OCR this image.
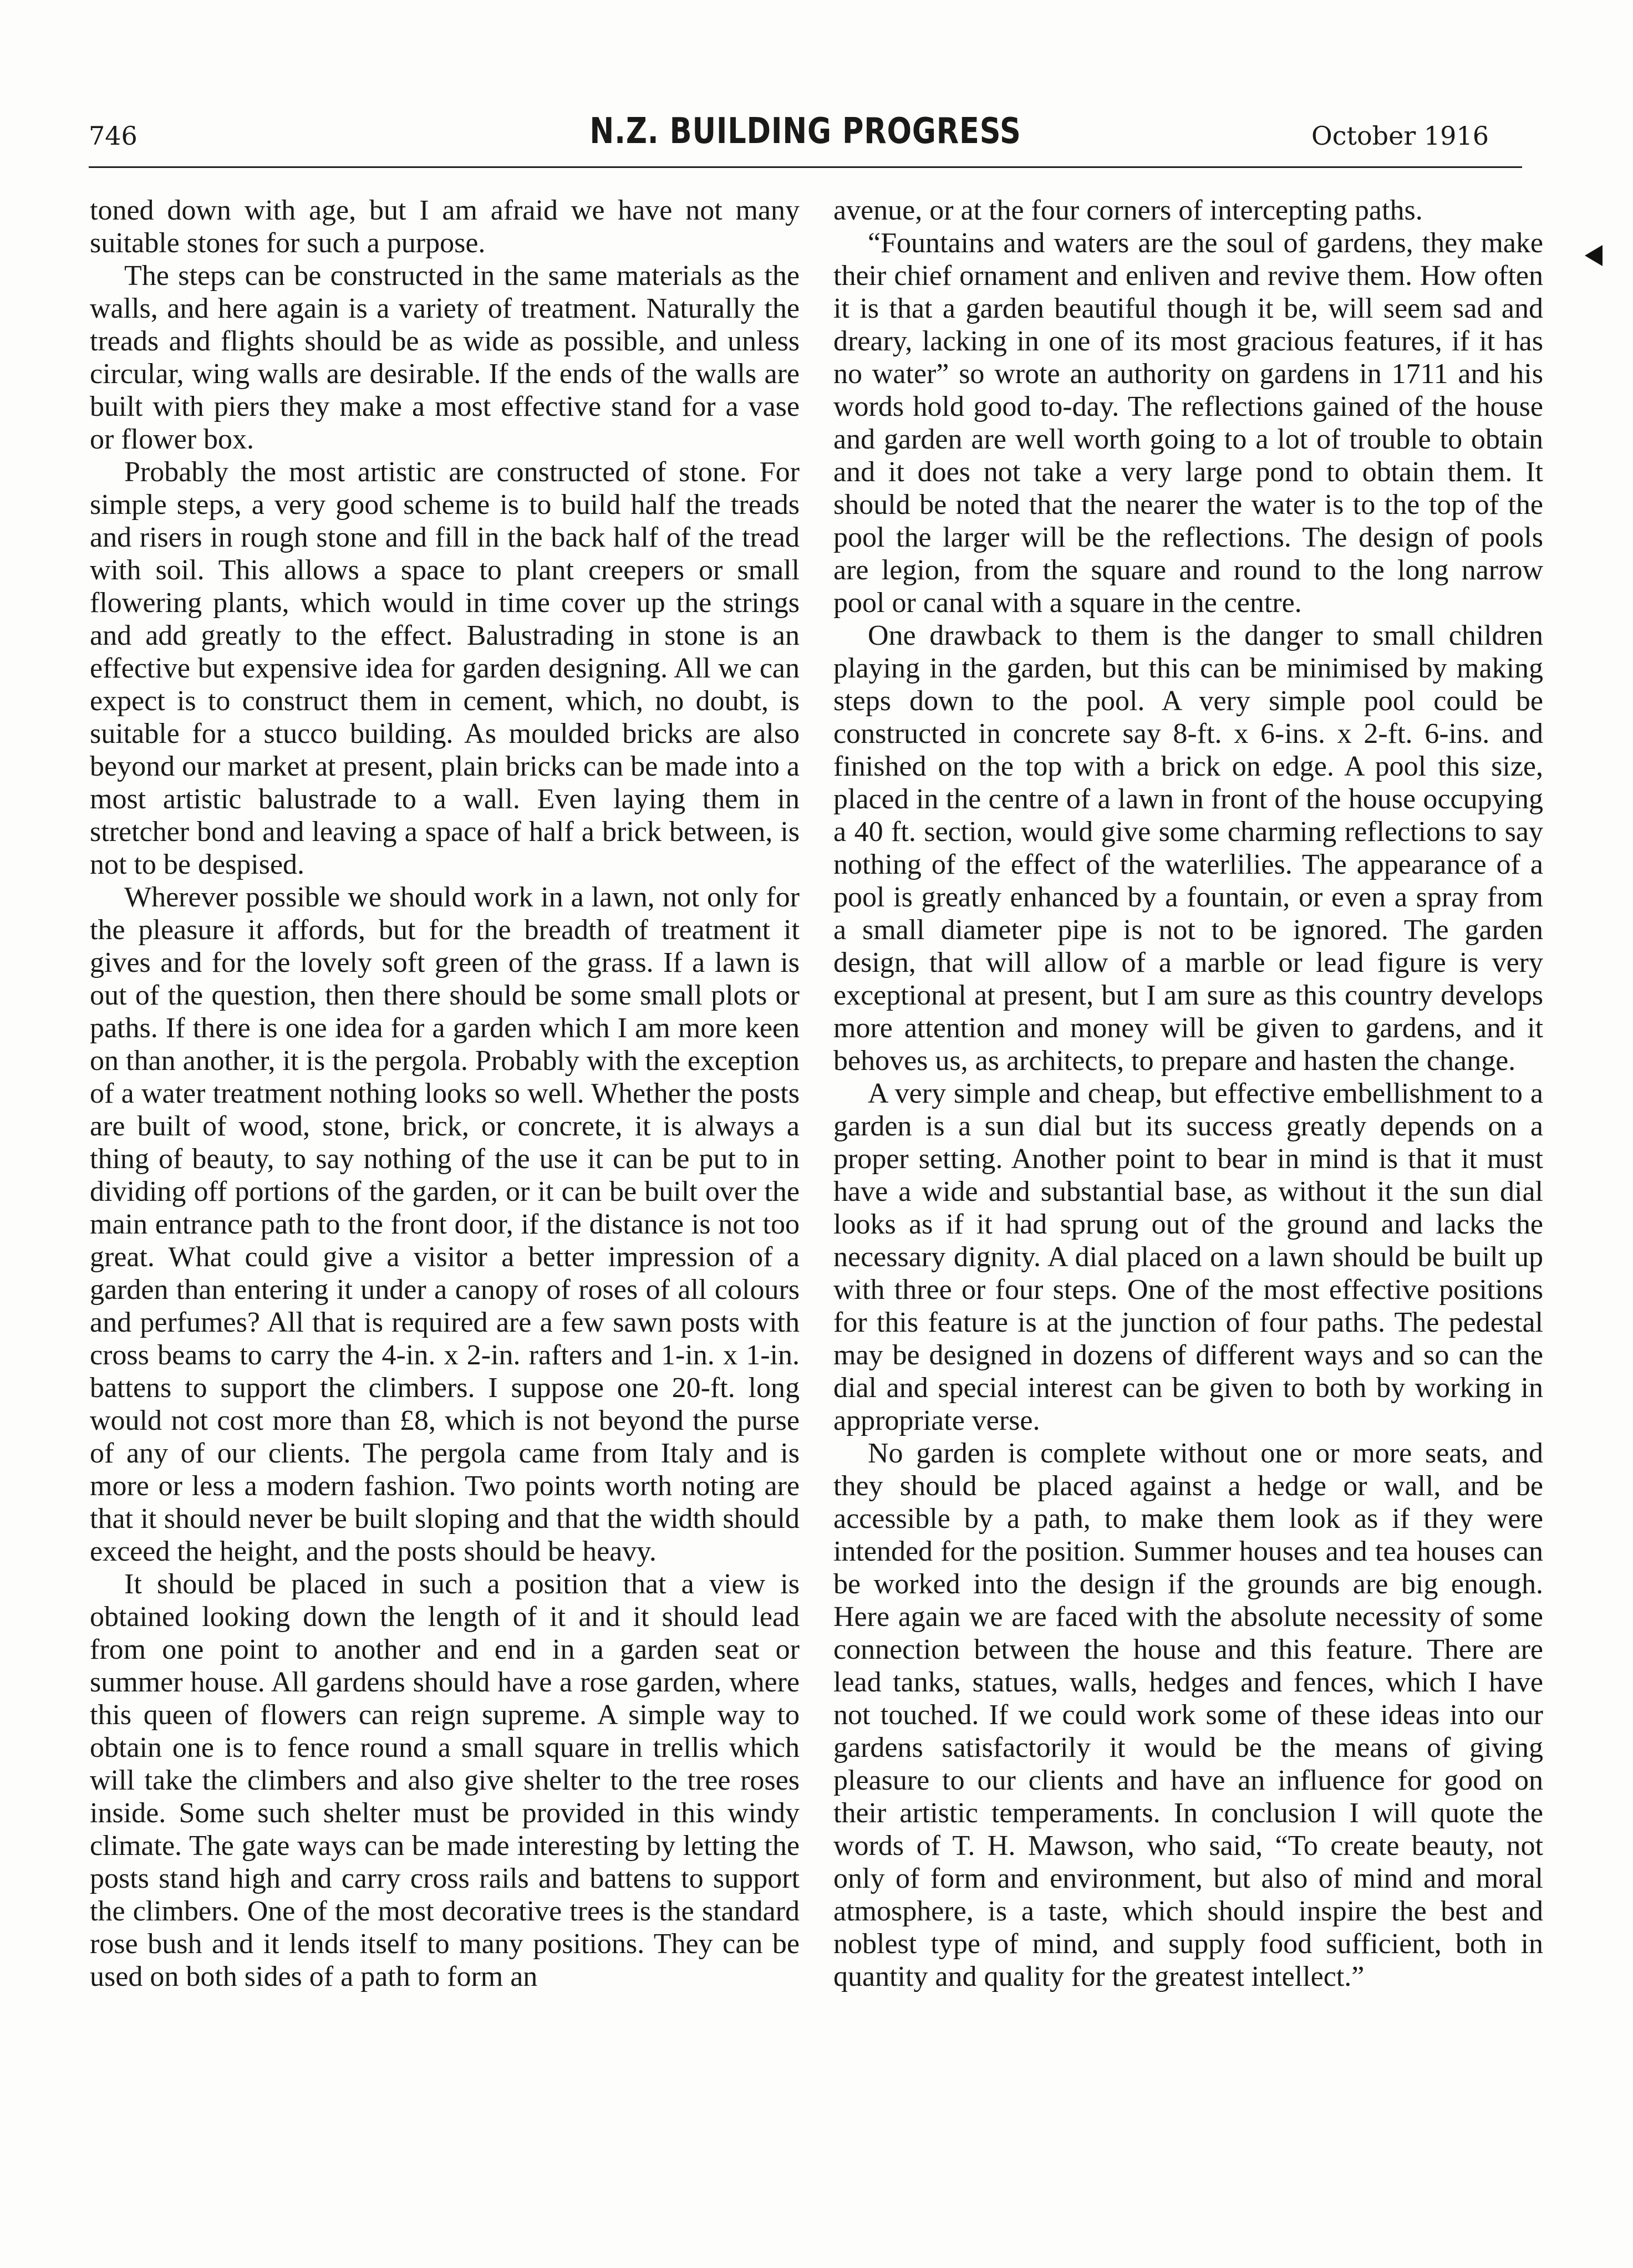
746	N.Z. BUILDING PROGRESS	October 1916

toned down with age, but I am afraid we have not many suitable stones for such a purpose.

The steps can be constructed in the same materials as the walls, and here again is a variety of treatment. Naturally the treads and flights should be as wide as possible, and unless circular, wing walls are desirable. If the ends of the walls are built with piers they make a most effective stand for a vase or flower box.

Probably the most artistic are constructed of stone. For simple steps, a very good scheme is to build half the treads and risers in rough stone and fill in the back half of the tread with soil. This allows a space to plant creepers or small flowering plants, which would in time cover up the strings and add greatly to the effect. Balustrading in stone is an effective but expensive idea for garden designing. All we can expect is to construct them in cement, which, no doubt, is suitable for a stucco building. As moulded bricks are also beyond our market at present, plain bricks can be made into a most artistic balustrade to a wall. Even laying them in stretcher bond and leaving a space of half a brick between, is not to be despised.

Wherever possible we should work in a lawn, not only for the pleasure it affords, but for the breadth of treatment it gives and for the lovely soft green of the grass. If a lawn is out of the question, then there should be some small plots or paths. If there is one idea for a garden which I am more keen on than another, it is the pergola. Probably with the exception of a water treatment nothing looks so well. Whether the posts are built of wood, stone, brick, or concrete, it is always a thing of beauty, to say nothing of the use it can be put to in dividing off portions of the garden, or it can be built over the main entrance path to the front door, if the distance is not too great. What could give a visitor a better impression of a garden than entering it under a canopy of roses of all colours and perfumes? All that is required are a few sawn posts with cross beams to carry the 4-in. x 2-in. rafters and 1-in. x 1-in. battens to support the climbers. I suppose one 20-ft. long would not cost more than £8, which is not beyond the purse of any of our clients. The pergola came from Italy and is more or less a modern fashion. Two points worth noting are that it should never be built sloping and that the width should exceed the height, and the posts should be heavy.

It should be placed in such a position that a view is obtained looking down the length of it and it should lead from one point to another and end in a garden seat or summer house. All gardens should have a rose garden, where this queen of flowers can reign supreme. A simple way to obtain one is to fence round a small square in trellis which will take the climbers and also give shelter to the tree roses inside. Some such shelter must be provided in this windy climate. The gate ways can be made interesting by letting the posts stand high and carry cross rails and battens to support the climbers. One of the most decorative trees is the standard rose bush and it lends itself to many positions. They can be used on both sides of a path to form an

avenue, or at the four corners of intercepting paths.

“Fountains and waters are the soul of gardens, they make their chief ornament and enliven and revive them. How often it is that a garden beautiful though it be, will seem sad and dreary, lacking in one of its most gracious features, if it has no water” so wrote an authority on gardens in 1711 and his words hold good to-day. The reflections gained of the house and garden are well worth going to a lot of trouble to obtain and it does not take a very large pond to obtain them. It should be noted that the nearer the water is to the top of the pool the larger will be the reflections. The design of pools are legion, from the square and round to the long narrow pool or canal with a square in the centre.

One drawback to them is the danger to small children playing in the garden, but this can be minimised by making steps down to the pool. A very simple pool could be constructed in concrete say 8-ft. x 6-ins. x 2-ft. 6-ins. and finished on the top with a brick on edge. A pool this size, placed in the centre of a lawn in front of the house occupying a 40 ft. section, would give some charming reflections to say nothing of the effect of the waterlilies. The appearance of a pool is greatly enhanced by a fountain, or even a spray from a small diameter pipe is not to be ignored. The garden design, that will allow of a marble or lead figure is very exceptional at present, but I am sure as this country develops more attention and money will be given to gardens, and it behoves us, as architects, to prepare and hasten the change.

A very simple and cheap, but effective embellishment to a garden is a sun dial but its success greatly depends on a proper setting. Another point to bear in mind is that it must have a wide and substantial base, as without it the sun dial looks as if it had sprung out of the ground and lacks the necessary dignity. A dial placed on a lawn should be built up with three or four steps. One of the most effective positions for this feature is at the junction of four paths. The pedestal may be designed in dozens of different ways and so can the dial and special interest can be given to both by working in appropriate verse.

No garden is complete without one or more seats, and they should be placed against a hedge or wall, and be accessible by a path, to make them look as if they were intended for the position. Summer houses and tea houses can be worked into the design if the grounds are big enough. Here again we are faced with the absolute necessity of some connection between the house and this feature. There are lead tanks, statues, walls, hedges and fences, which I have not touched. If we could work some of these ideas into our gardens satisfactorily it would be the means of giving pleasure to our clients and have an influence for good on their artistic temperaments. In conclusion I will quote the words of T. H. Mawson, who said, “To create beauty, not only of form and environment, but also of mind and moral atmosphere, is a taste, which should inspire the best and noblest type of mind, and supply food sufficient, both in quantity and quality for the greatest intellect.”
